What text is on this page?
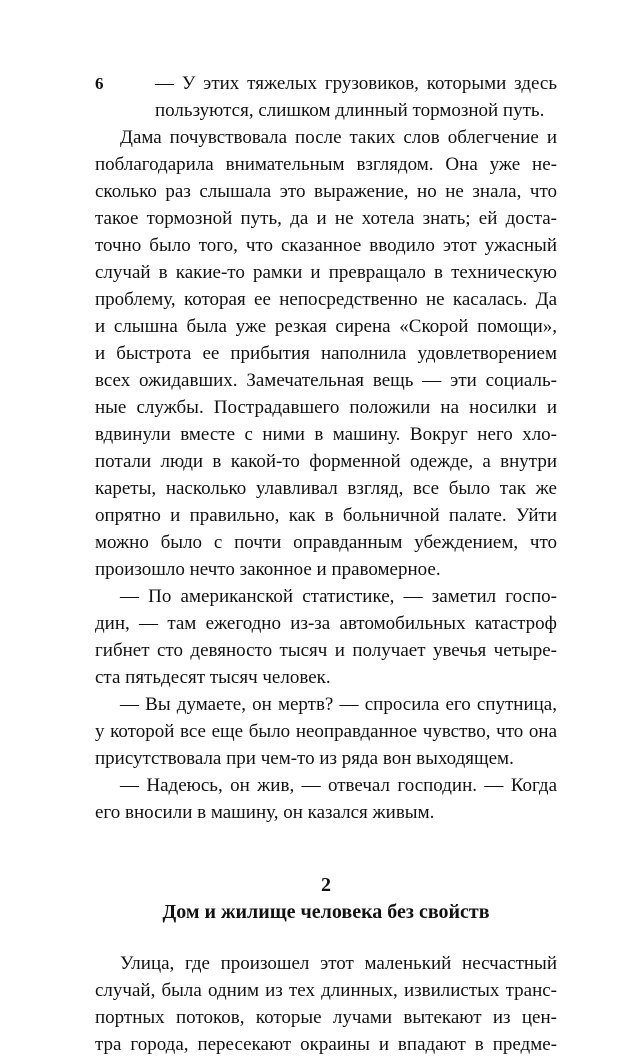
6	— У этих тяжелых грузовиков, которыми здесь
пользуются, слишком длинный тормозной путь.
Дама почувствовала после таких слов облегчение и
поблагодарила внимательным взглядом. Она уже не-
сколько раз слышала это выражение, но не знала, что
такое тормозной путь, да и не хотела знать; ей доста-
точно было того, что сказанное вводило этот ужасный
случай в какие-то рамки и превращало в техническую
проблему, которая ее непосредственно не касалась. Да
и слышна была уже резкая сирена «Скорой помощи»,
и быстрота ее прибытия наполнила удовлетворением
всех ожидавших. Замечательная вещь — эти социаль-
ные службы. Пострадавшего положили на носилки и
вдвинули вместе с ними в машину. Вокруг него хло-
потали люди в какой-то форменной одежде, а внутри
кареты, насколько улавливал взгляд, все было так же
опрятно и правильно, как в больничной палате. Уйти
можно было с почти оправданным убеждением, что
произошло нечто законное и правомерное.
— По американской статистике, — заметил госпо-
дин, — там ежегодно из-за автомобильных катастроф
гибнет сто девяносто тысяч и получает увечья четыре-
ста пятьдесят тысяч человек.
— Вы думаете, он мертв? — спросила его спутница,
у которой все еще было неоправданное чувство, что она
присутствовала при чем-то из ряда вон выходящем.
— Надеюсь, он жив, — отвечал господин. — Когда
его вносили в машину, он казался живым.
2
Дом и жилище человека без свойств
Улица, где произошел этот маленький несчастный
случай, была одним из тех длинных, извилистых транс-
портных потоков, которые лучами вытекают из цен-
тра города, пересекают окраины и впадают в предме-
